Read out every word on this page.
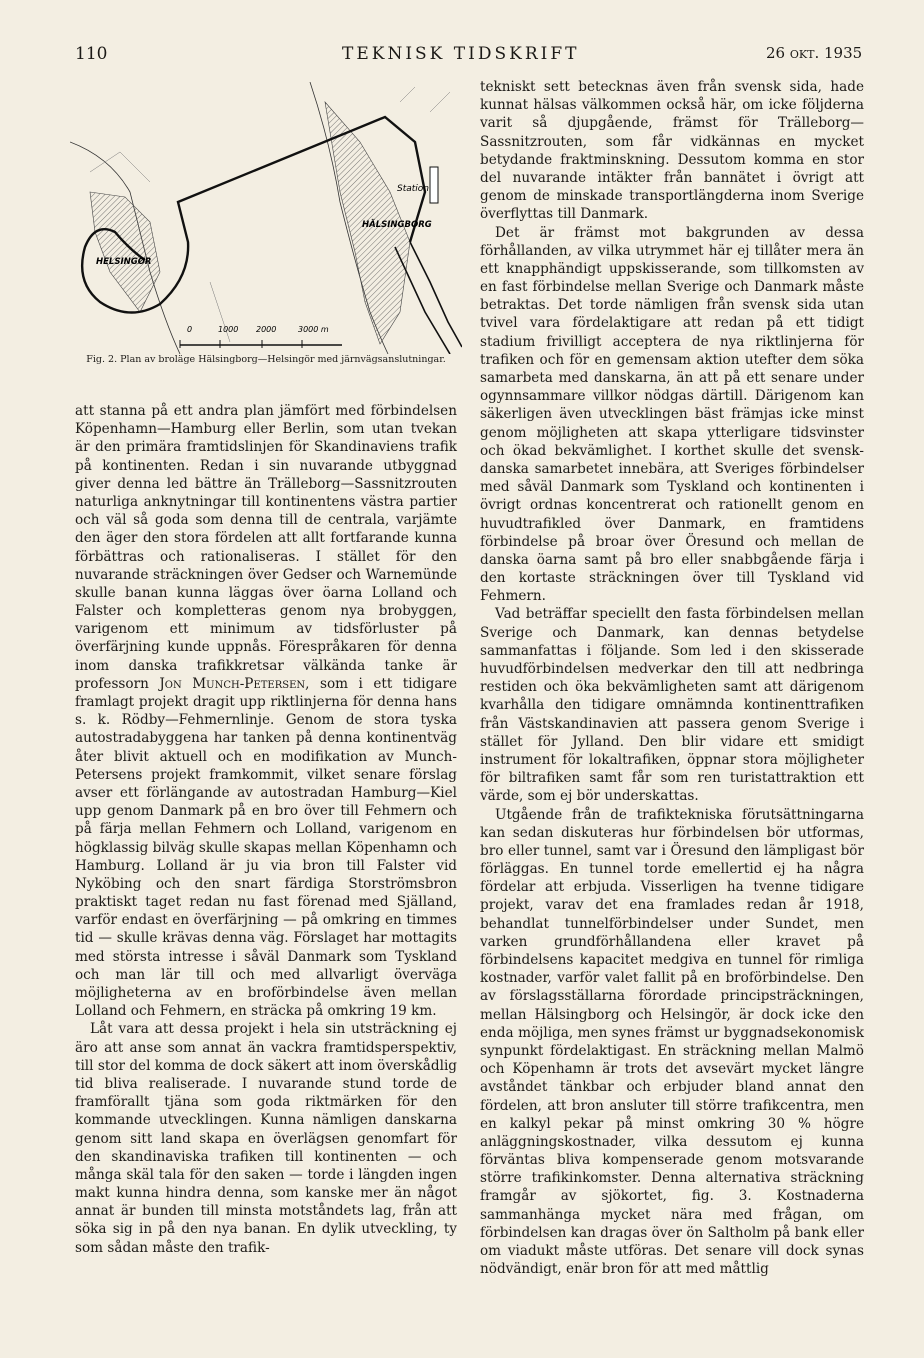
110	TEKNISK TIDSKRIFT	26 okt. 1935
Station
HÄLSINGBORG
HELSINGØR
0	1000 2000	3000 m
Fig. 2. Plan av broläge Hälsingborg—Helsingör med järnvägsanslutningar.

att stanna på ett andra plan jämfört med förbindelsen Köpenhamn—Hamburg eller Berlin, som utan tvekan är den primära framtidslinjen för Skandinaviens trafik på kontinenten. Redan i sin nuvarande utbyggnad giver denna led bättre än Trälleborg—Sassnitzrouten naturliga anknytningar till kontinentens västra partier och väl så goda som denna till de centrala, varjämte den äger den stora fördelen att allt fortfarande kunna förbättras och rationaliseras. I stället för den nuvarande sträckningen över Gedser och Warnemünde skulle banan kunna läggas över öarna Lolland och Falster och kompletteras genom nya brobyggen, varigenom ett minimum av tidsförluster på överfärjning kunde uppnås. Förespråkaren för denna inom danska trafikkretsar välkända tanke är professorn Jon Munch-Petersen, som i ett tidigare framlagt projekt dragit upp riktlinjerna för denna hans s. k. Rödby—Fehmernlinje. Genom de stora tyska autostradabyggena har tanken på denna kontinentväg åter blivit aktuell och en modifikation av Munch-Petersens projekt framkommit, vilket senare förslag avser ett förlängande av autostradan Hamburg—Kiel upp genom Danmark på en bro över till Fehmern och på färja mellan Fehmern och Lolland, varigenom en högklassig bilväg skulle skapas mellan Köpenhamn och Hamburg. Lolland är ju via bron till Falster vid Nyköbing och den snart färdiga Storströmsbron praktiskt taget redan nu fast förenad med Själland, varför endast en överfärjning — på omkring en timmes tid — skulle krävas denna väg. Förslaget har mottagits med största intresse i såväl Danmark som Tyskland och man lär till och med allvarligt överväga möjligheterna av en broförbindelse även mellan Lolland och Fehmern, en sträcka på omkring 19 km.

Låt vara att dessa projekt i hela sin utsträckning ej äro att anse som annat än vackra framtidsperspektiv, till stor del komma de dock säkert att inom överskådlig tid bliva realiserade. I nuvarande stund torde de framförallt tjäna som goda riktmärken för den kommande utvecklingen. Kunna nämligen danskarna genom sitt land skapa en överlägsen genomfart för den skandinaviska trafiken till kontinenten — och många skäl tala för den saken — torde i längden ingen makt kunna hindra denna, som kanske mer än något annat är bunden till minsta motståndets lag, från att söka sig in på den nya banan. En dylik utveckling, ty som sådan måste den trafik-

tekniskt sett betecknas även från svensk sida, hade kunnat hälsas välkommen också här, om icke följderna varit så djupgående, främst för Trälleborg—Sassnitzrouten, som får vidkännas en mycket betydande fraktminskning. Dessutom komma en stor del nuvarande intäkter från bannätet i övrigt att genom de minskade transportlängderna inom Sverige överflyttas till Danmark.

Det är främst mot bakgrunden av dessa förhållanden, av vilka utrymmet här ej tillåter mera än ett knapphändigt uppskisserande, som tillkomsten av en fast förbindelse mellan Sverige och Danmark måste betraktas. Det torde nämligen från svensk sida utan tvivel vara fördelaktigare att redan på ett tidigt stadium frivilligt acceptera de nya riktlinjerna för trafiken och för en gemensam aktion utefter dem söka samarbeta med danskarna, än att på ett senare under ogynnsammare villkor nödgas därtill. Därigenom kan säkerligen även utvecklingen bäst främjas icke minst genom möjligheten att skapa ytterligare tidsvinster och ökad bekvämlighet. I korthet skulle det svensk-danska samarbetet innebära, att Sveriges förbindelser med såväl Danmark som Tyskland och kontinenten i övrigt ordnas koncentrerat och rationellt genom en huvudtrafikled över Danmark, en framtidens förbindelse på broar över Öresund och mellan de danska öarna samt på bro eller snabbgående färja i den kortaste sträckningen över till Tyskland vid Fehmern.

Vad beträffar speciellt den fasta förbindelsen mellan Sverige och Danmark, kan dennas betydelse sammanfattas i följande. Som led i den skisserade huvudförbindelsen medverkar den till att nedbringa restiden och öka bekvämligheten samt att därigenom kvarhålla den tidigare omnämnda kontinenttrafiken från Västskandinavien att passera genom Sverige i stället för Jylland. Den blir vidare ett smidigt instrument för lokaltrafiken, öppnar stora möjligheter för biltrafiken samt får som ren turistattraktion ett värde, som ej bör underskattas.

Utgående från de trafiktekniska förutsättningarna kan sedan diskuteras hur förbindelsen bör utformas, bro eller tunnel, samt var i Öresund den lämpligast bör förläggas. En tunnel torde emellertid ej ha några fördelar att erbjuda. Visserligen ha tvenne tidigare projekt, varav det ena framlades redan år 1918, behandlat tunnelförbindelser under Sundet, men varken grundförhållandena eller kravet på förbindelsens kapacitet medgiva en tunnel för rimliga kostnader, varför valet fallit på en broförbindelse. Den av förslagsställarna förordade principsträckningen, mellan Hälsingborg och Helsingör, är dock icke den enda möjliga, men synes främst ur byggnadsekonomisk synpunkt fördelaktigast. En sträckning mellan Malmö och Köpenhamn är trots det avsevärt mycket längre avståndet tänkbar och erbjuder bland annat den fördelen, att bron ansluter till större trafikcentra, men en kalkyl pekar på minst omkring 30 % högre anläggningskostnader, vilka dessutom ej kunna förväntas bliva kompenserade genom motsvarande större trafikinkomster. Denna alternativa sträckning framgår av sjökortet, fig. 3. Kostnaderna sammanhänga mycket nära med frågan, om förbindelsen kan dragas över ön Saltholm på bank eller om viadukt måste utföras. Det senare vill dock synas nödvändigt, enär bron för att med måttlig
